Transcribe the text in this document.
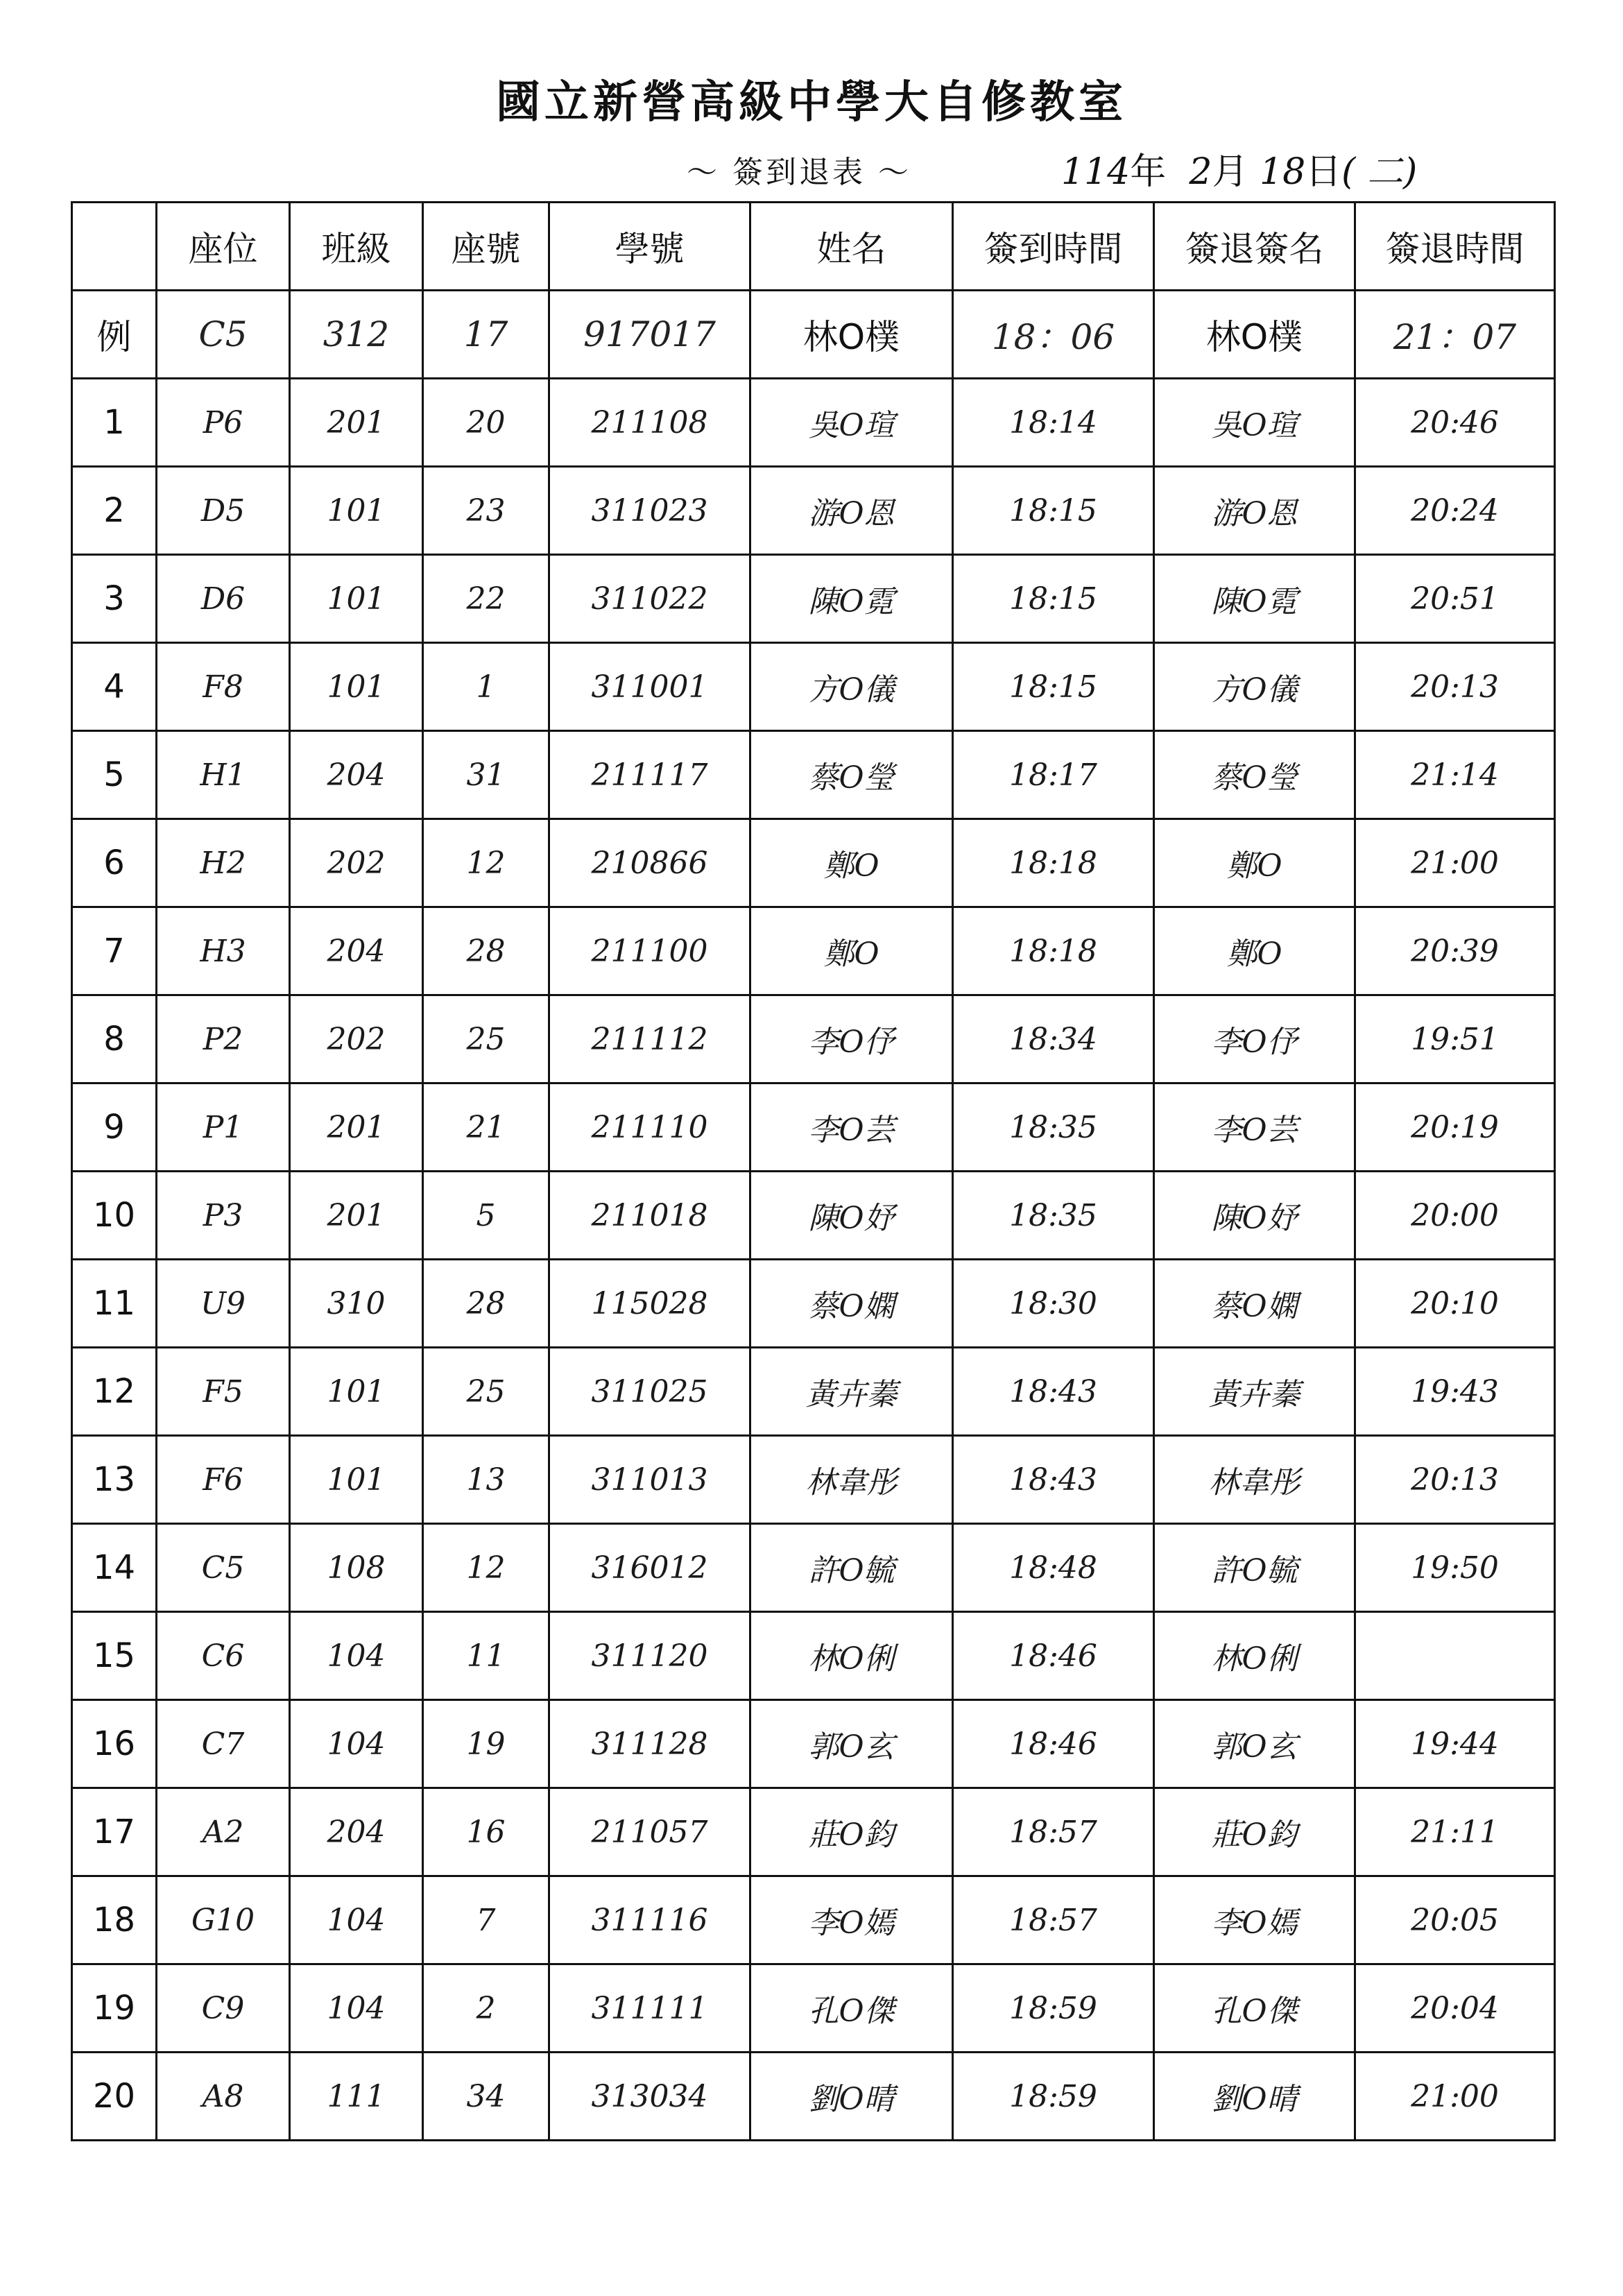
國立新營高級中學大自修教室
～ 簽到退表 ～	114年 2月 18日( 二)
	座位	班級	座號	學號	姓名	簽到時間	簽退簽名	簽退時間
例	C5	312	17	917017	林O樸	18：06	林O樸	21：07
1	P6	201	20	211108	吳O瑄	18:14	吳O瑄	20:46
2	D5	101	23	311023	游O恩	18:15	游O恩	20:24
3	D6	101	22	311022	陳O霓	18:15	陳O霓	20:51
4	F8	101	1	311001	方O儀	18:15	方O儀	20:13
5	H1	204	31	211117	蔡O瑩	18:17	蔡O瑩	21:14
6	H2	202	12	210866	鄭O	18:18	鄭O	21:00
7	H3	204	28	211100	鄭O	18:18	鄭O	20:39
8	P2	202	25	211112	李O伃	18:34	李O伃	19:51
9	P1	201	21	211110	李O芸	18:35	李O芸	20:19
10	P3	201	5	211018	陳O妤	18:35	陳O妤	20:00
11	U9	310	28	115028	蔡O嫻	18:30	蔡O嫻	20:10
12	F5	101	25	311025	黃卉蓁	18:43	黃卉蓁	19:43
13	F6	101	13	311013	林韋彤	18:43	林韋彤	20:13
14	C5	108	12	316012	許O毓	18:48	許O毓	19:50
15	C6	104	11	311120	林O俐	18:46	林O俐	
16	C7	104	19	311128	郭O玄	18:46	郭O玄	19:44
17	A2	204	16	211057	莊O鈞	18:57	莊O鈞	21:11
18	G10	104	7	311116	李O嫣	18:57	李O嫣	20:05
19	C9	104	2	311111	孔O傑	18:59	孔O傑	20:04
20	A8	111	34	313034	劉O晴	18:59	劉O晴	21:00
